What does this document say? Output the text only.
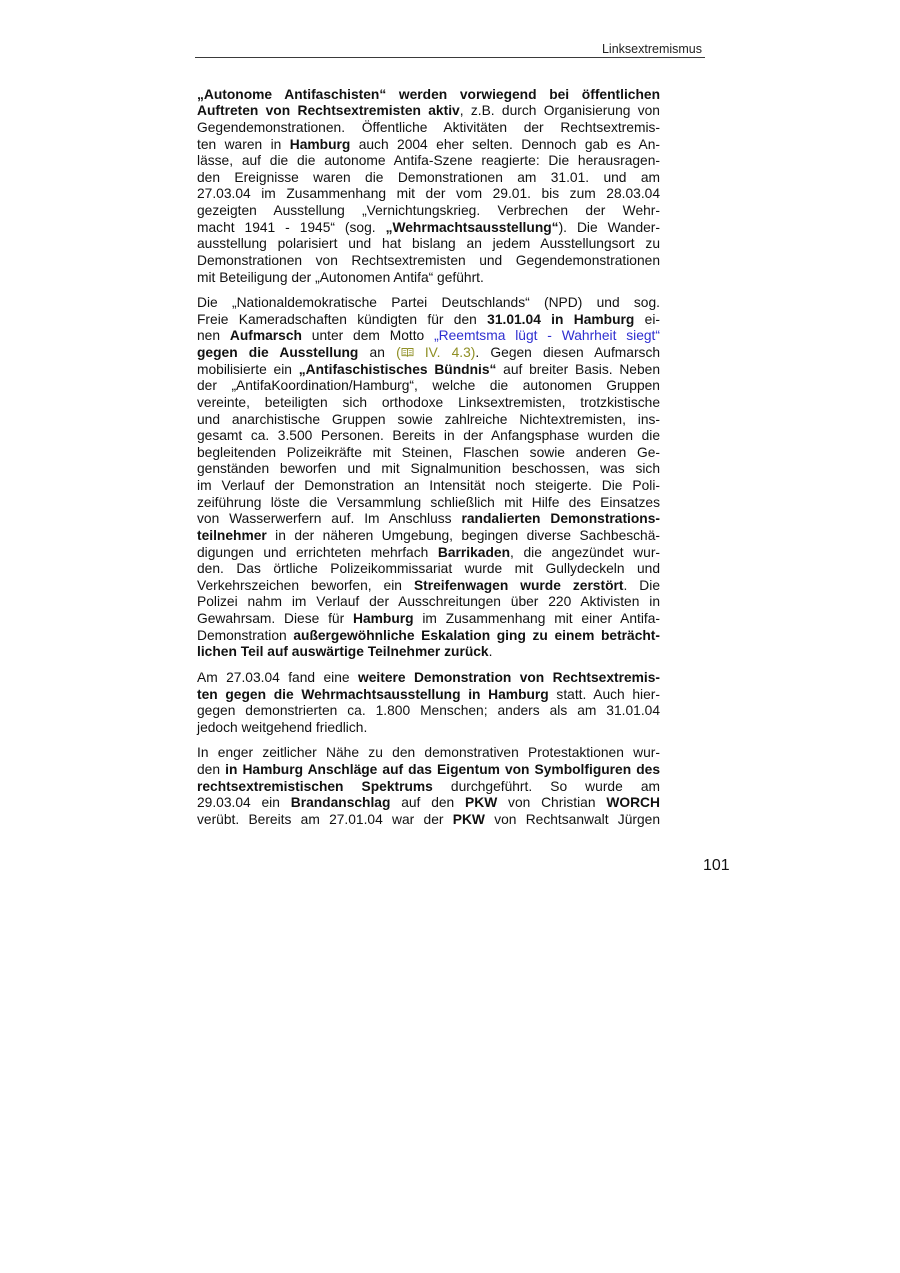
Linksextremismus
„Autonome Antifaschisten“ werden vorwiegend bei öffentlichen
Auftreten von Rechtsextremisten aktiv, z.B. durch Organisierung von
Gegendemonstrationen. Öffentliche Aktivitäten der Rechtsextremis-
ten waren in Hamburg auch 2004 eher selten. Dennoch gab es An-
lässe, auf die die autonome Antifa-Szene reagierte: Die herausragen-
den Ereignisse waren die Demonstrationen am 31.01. und am
27.03.04 im Zusammenhang mit der vom 29.01. bis zum 28.03.04
gezeigten Ausstellung „Vernichtungskrieg. Verbrechen der Wehr-
macht 1941 - 1945“ (sog. „Wehrmachtsausstellung“). Die Wander-
ausstellung polarisiert und hat bislang an jedem Ausstellungsort zu
Demonstrationen von Rechtsextremisten und Gegendemonstrationen
mit Beteiligung der „Autonomen Antifa“ geführt.
Die „Nationaldemokratische Partei Deutschlands“ (NPD) und sog.
Freie Kameradschaften kündigten für den 31.01.04 in Hamburg ei-
nen Aufmarsch unter dem Motto „Reemtsma lügt - Wahrheit siegt“
gegen die Ausstellung an ( IV. 4.3). Gegen diesen Aufmarsch
mobilisierte ein „Antifaschistisches Bündnis“ auf breiter Basis. Neben
der „AntifaKoordination/Hamburg“, welche die autonomen Gruppen
vereinte, beteiligten sich orthodoxe Linksextremisten, trotzkistische
und anarchistische Gruppen sowie zahlreiche Nichtextremisten, ins-
gesamt ca. 3.500 Personen. Bereits in der Anfangsphase wurden die
begleitenden Polizeikräfte mit Steinen, Flaschen sowie anderen Ge-
genständen beworfen und mit Signalmunition beschossen, was sich
im Verlauf der Demonstration an Intensität noch steigerte. Die Poli-
zeiführung löste die Versammlung schließlich mit Hilfe des Einsatzes
von Wasserwerfern auf. Im Anschluss randalierten Demonstrations-
teilnehmer in der näheren Umgebung, begingen diverse Sachbeschä-
digungen und errichteten mehrfach Barrikaden, die angezündet wur-
den. Das örtliche Polizeikommissariat wurde mit Gullydeckeln und
Verkehrszeichen beworfen, ein Streifenwagen wurde zerstört. Die
Polizei nahm im Verlauf der Ausschreitungen über 220 Aktivisten in
Gewahrsam. Diese für Hamburg im Zusammenhang mit einer Antifa-
Demonstration außergewöhnliche Eskalation ging zu einem beträcht-
lichen Teil auf auswärtige Teilnehmer zurück.
Am 27.03.04 fand eine weitere Demonstration von Rechtsextremis-
ten gegen die Wehrmachtsausstellung in Hamburg statt. Auch hier-
gegen demonstrierten ca. 1.800 Menschen; anders als am 31.01.04
jedoch weitgehend friedlich.
In enger zeitlicher Nähe zu den demonstrativen Protestaktionen wur-
den in Hamburg Anschläge auf das Eigentum von Symbolfiguren des
rechtsextremistischen Spektrums durchgeführt. So wurde am
29.03.04 ein Brandanschlag auf den PKW von Christian WORCH
verübt. Bereits am 27.01.04 war der PKW von Rechtsanwalt Jürgen
101
